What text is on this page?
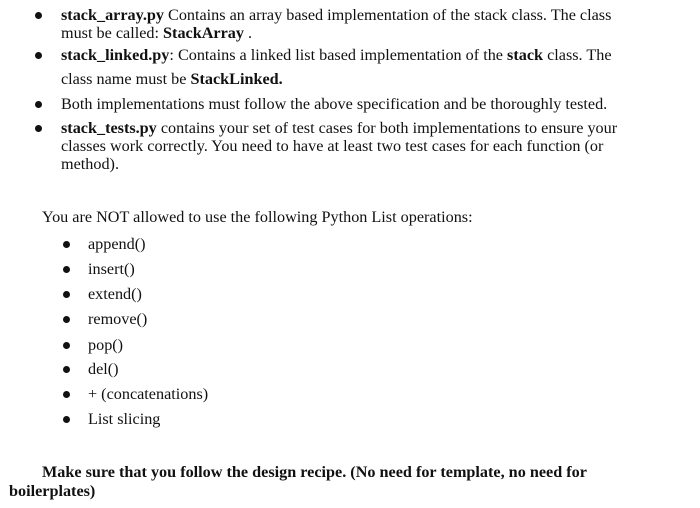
stack_array.py Contains an array based implementation of the stack class. The class
must be called: StackArray .
stack_linked.py: Contains a linked list based implementation of the stack class. The
class name must be StackLinked.
Both implementations must follow the above specification and be thoroughly tested.
stack_tests.py contains your set of test cases for both implementations to ensure your
classes work correctly. You need to have at least two test cases for each function (or
method).
You are NOT allowed to use the following Python List operations:
append()
insert()
extend()
remove()
pop()
del()
+ (concatenations)
List slicing
Make sure that you follow the design recipe. (No need for template, no need for
boilerplates)
